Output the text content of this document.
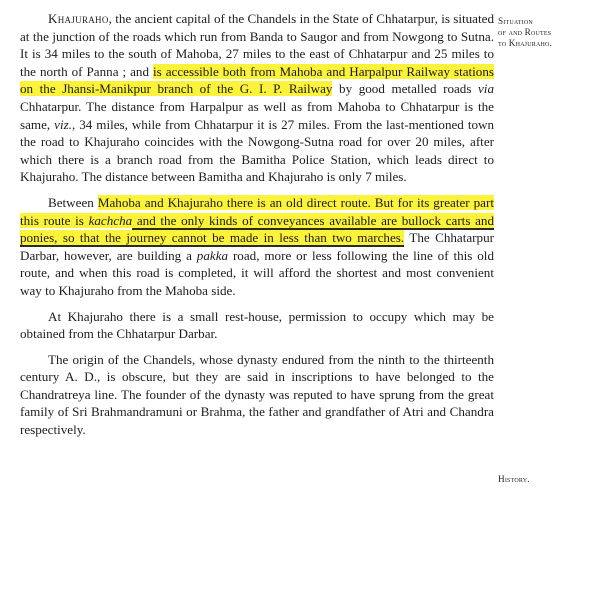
Khajuraho, the ancient capital of the Chandels in the State of Chhatarpur, is situated at the junction of the roads which run from Banda to Saugor and from Nowgong to Sutna. It is 34 miles to the south of Mahoba, 27 miles to the east of Chhatarpur and 25 miles to the north of Panna ; and is accessible both from Mahoba and Harpalpur Railway stations on the Jhansi-Manikpur branch of the G. I. P. Railway by good metalled roads via Chhatarpur. The distance from Harpalpur as well as from Mahoba to Chhatarpur is the same, viz., 34 miles, while from Chhatarpur it is 27 miles. From the last-mentioned town the road to Khajuraho coincides with the Nowgong-Sutna road for over 20 miles, after which there is a branch road from the Bamitha Police Station, which leads direct to Khajuraho. The distance between Bamitha and Khajuraho is only 7 miles.

Between Mahoba and Khajuraho there is an old direct route. But for its greater part this route is kachcha and the only kinds of conveyances available are bullock carts and ponies, so that the journey cannot be made in less than two marches. The Chhatarpur Darbar, however, are building a pakka road, more or less following the line of this old route, and when this road is completed, it will afford the shortest and most convenient way to Khajuraho from the Mahoba side.

At Khajuraho there is a small rest-house, permission to occupy which may be obtained from the Chhatarpur Darbar.

The origin of the Chandels, whose dynasty endured from the ninth to the thirteenth century A. D., is obscure, but they are said in inscriptions to have belonged to the Chandratreya line. The founder of the dynasty was reputed to have sprung from the great family of Sri Brahmandramuni or Brahma, the father and grandfather of Atri and Chandra respectively.

Situation
of and Routes
to Khajuraho.
History.
